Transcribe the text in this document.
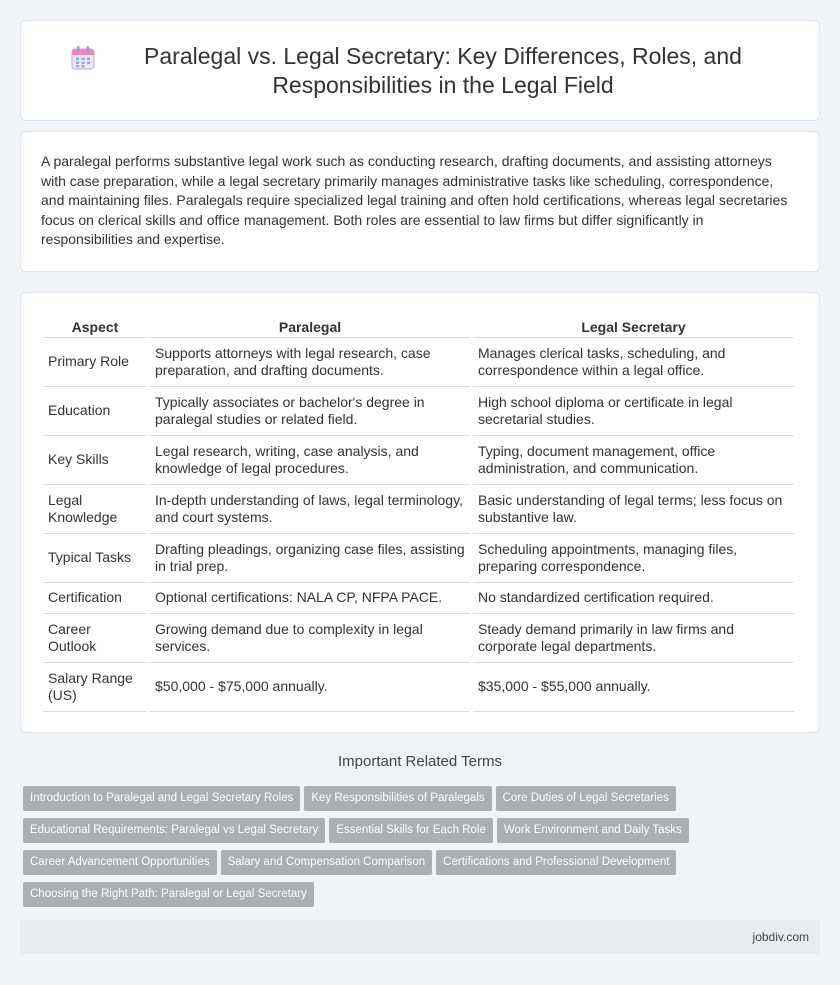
Paralegal vs. Legal Secretary: Key Differences, Roles, and Responsibilities in the Legal Field

A paralegal performs substantive legal work such as conducting research, drafting documents, and assisting attorneys with case preparation, while a legal secretary primarily manages administrative tasks like scheduling, correspondence, and maintaining files. Paralegals require specialized legal training and often hold certifications, whereas legal secretaries focus on clerical skills and office management. Both roles are essential to law firms but differ significantly in responsibilities and expertise.

Aspect	Paralegal	Legal Secretary
Primary Role	Supports attorneys with legal research, case preparation, and drafting documents.	Manages clerical tasks, scheduling, and correspondence within a legal office.
Education	Typically associates or bachelor's degree in paralegal studies or related field.	High school diploma or certificate in legal secretarial studies.
Key Skills	Legal research, writing, case analysis, and knowledge of legal procedures.	Typing, document management, office administration, and communication.
Legal Knowledge	In-depth understanding of laws, legal terminology, and court systems.	Basic understanding of legal terms; less focus on substantive law.
Typical Tasks	Drafting pleadings, organizing case files, assisting in trial prep.	Scheduling appointments, managing files, preparing correspondence.
Certification	Optional certifications: NALA CP, NFPA PACE.	No standardized certification required.
Career Outlook	Growing demand due to complexity in legal services.	Steady demand primarily in law firms and corporate legal departments.
Salary Range (US)	$50,000 - $75,000 annually.	$35,000 - $55,000 annually.
Important Related Terms
Introduction to Paralegal and Legal Secretary Roles Key Responsibilities of Paralegals Core Duties of Legal Secretaries
Educational Requirements: Paralegal vs Legal Secretary Essential Skills for Each Role Work Environment and Daily Tasks
Career Advancement Opportunities Salary and Compensation Comparison Certifications and Professional Development
Choosing the Right Path: Paralegal or Legal Secretary
jobdiv.com
